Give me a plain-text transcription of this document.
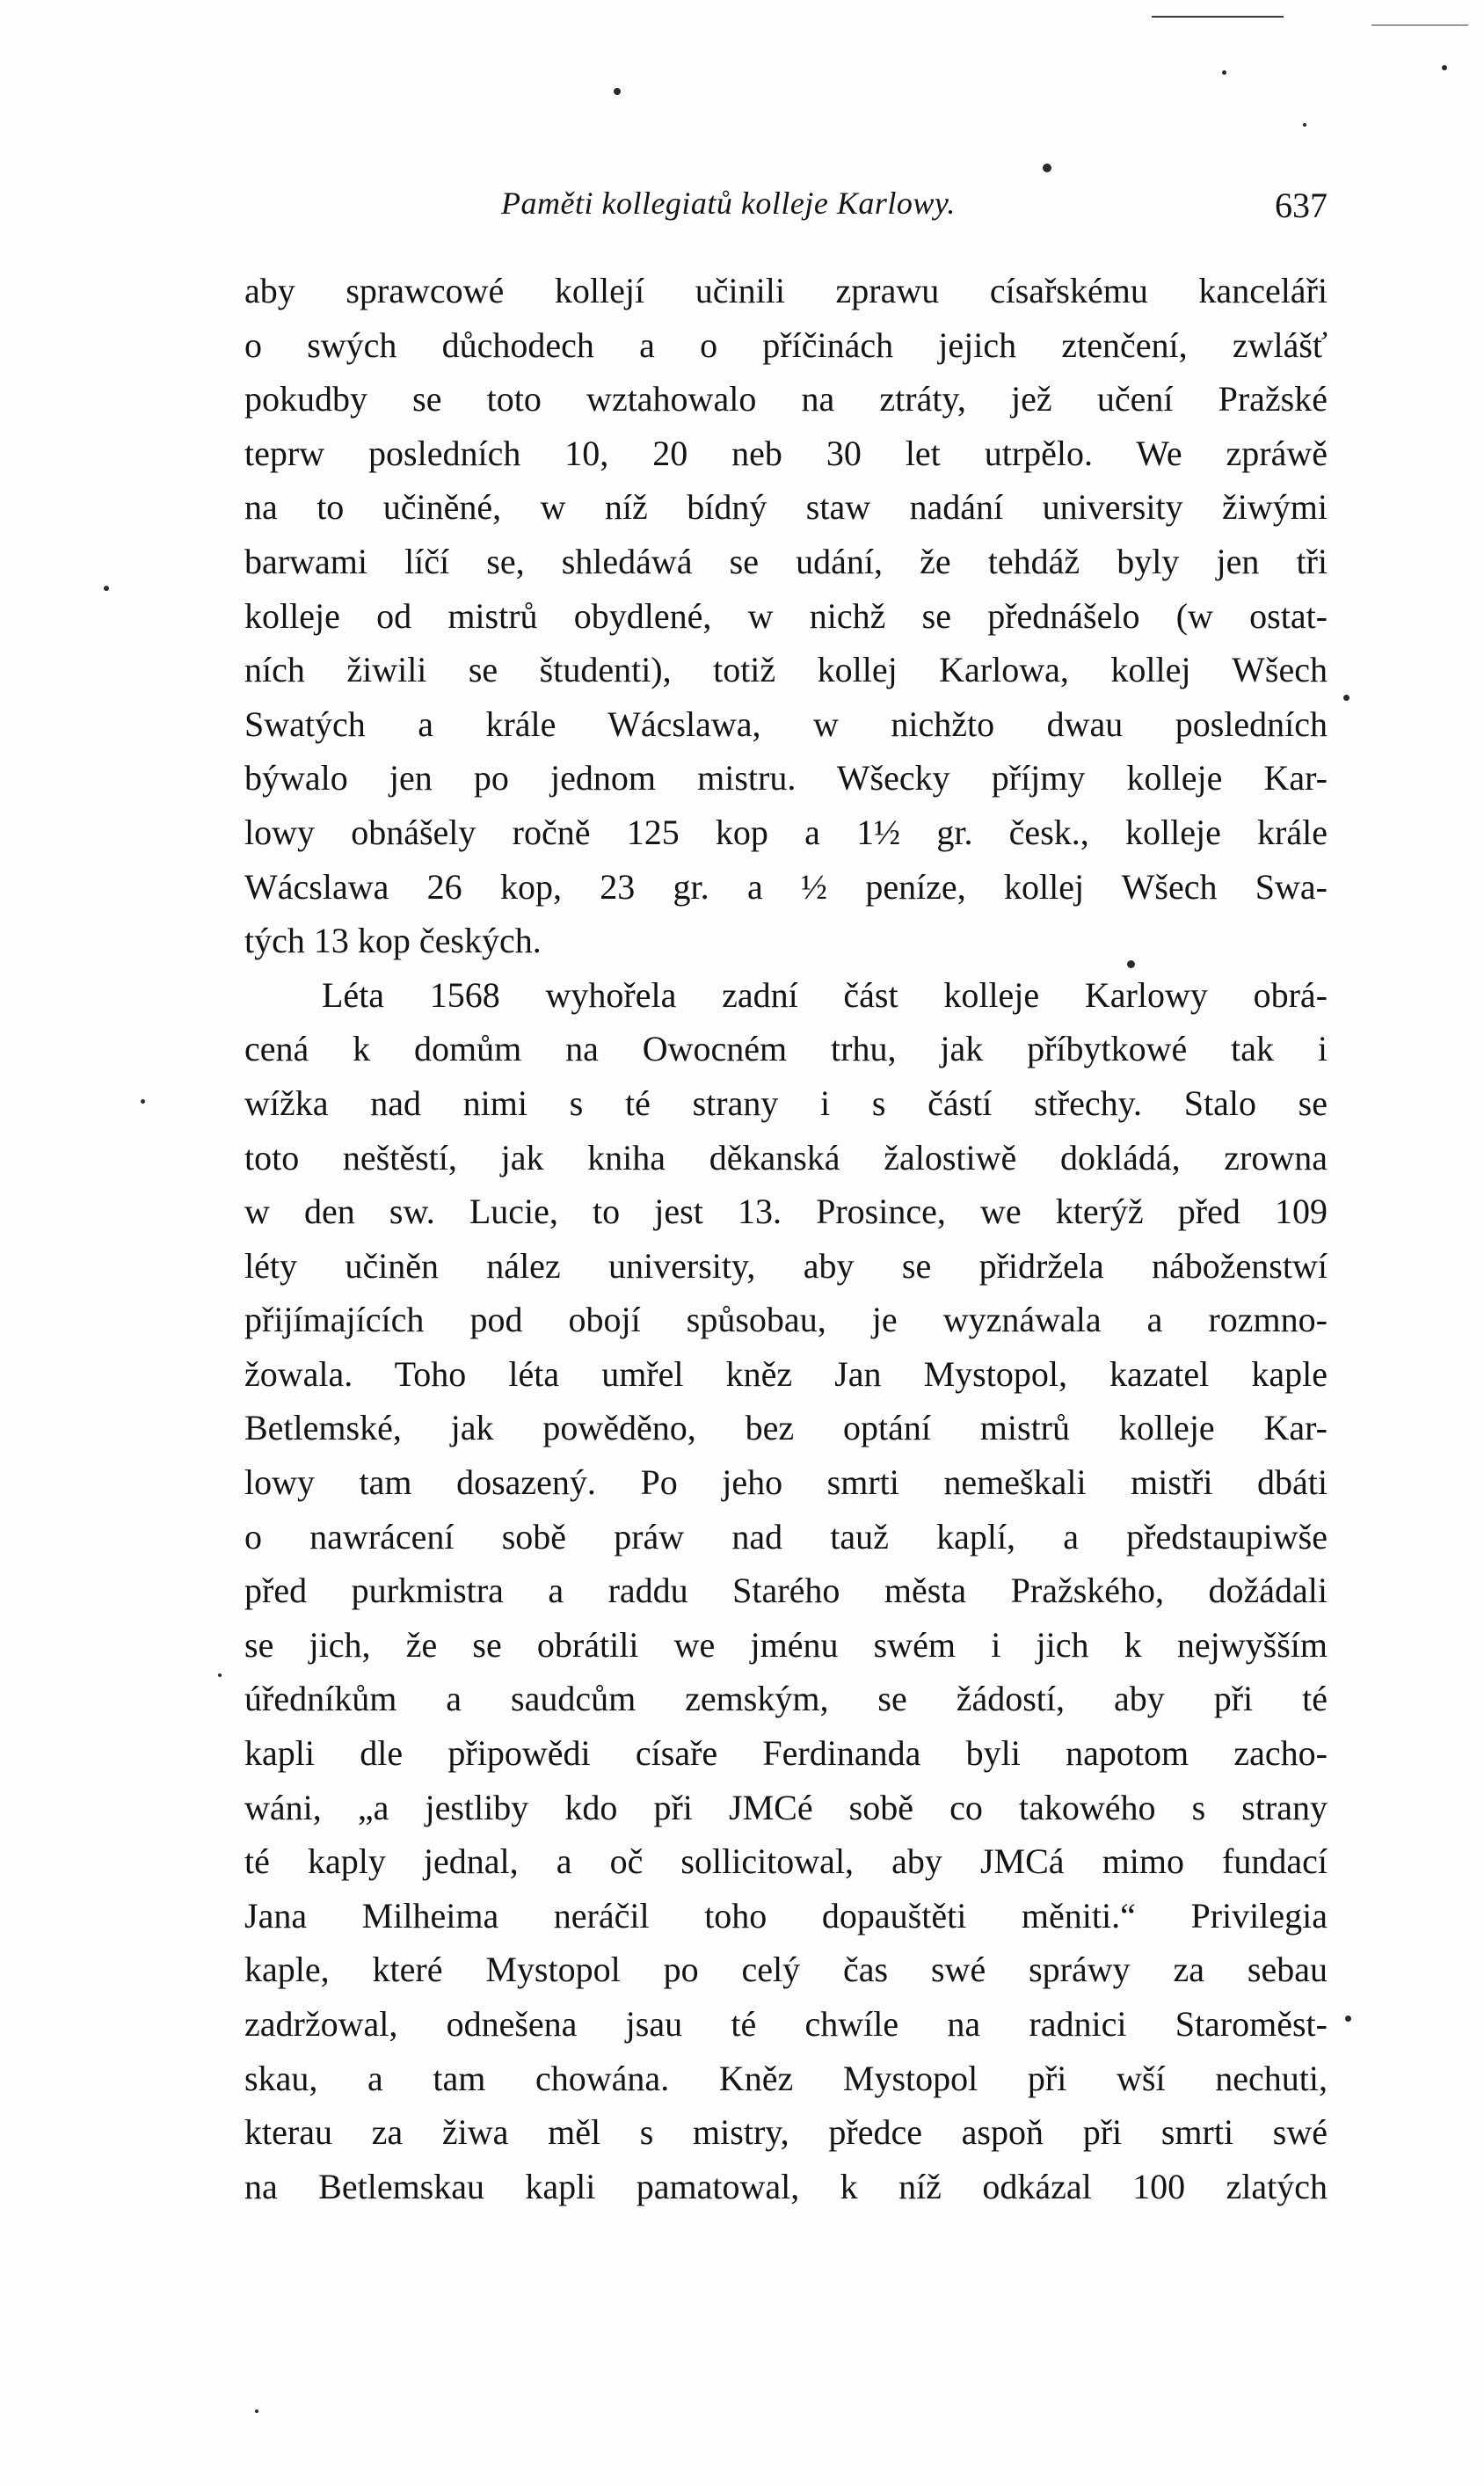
Paměti kollegiatů kolleje Karlowy.	637
aby sprawcowé kollejí učinili zprawu císařskému kanceláři
o swých důchodech a o příčinách jejich ztenčení, zwlášť
pokudby se toto wztahowalo na ztráty, jež učení Pražské
teprw posledních 10, 20 neb 30 let utrpělo. We zpráwě
na to učiněné, w níž bídný staw nadání university žiwými
barwami líčí se, shledáwá se udání, že tehdáž byly jen tři
kolleje od mistrů obydlené, w nichž se přednášelo (w ostat-
ních žiwili se študenti), totiž kollej Karlowa, kollej Wšech
Swatých a krále Wácslawa, w nichžto dwau posledních
býwalo jen po jednom mistru. Wšecky příjmy kolleje Kar-
lowy obnášely ročně 125 kop a 1½ gr. česk., kolleje krále
Wácslawa 26 kop, 23 gr. a ½ peníze, kollej Wšech Swa-
tých 13 kop českých.
Léta 1568 wyhořela zadní část kolleje Karlowy obrá-
cená k domům na Owocném trhu, jak příbytkowé tak i
wížka nad nimi s té strany i s částí střechy. Stalo se
toto neštěstí, jak kniha děkanská žalostiwě dokládá, zrowna
w den sw. Lucie, to jest 13. Prosince, we kterýž před 109
léty učiněn nález university, aby se přidržela náboženstwí
přijímajících pod obojí spůsobau, je wyznáwala a rozmno-
žowala. Toho léta umřel kněz Jan Mystopol, kazatel kaple
Betlemské, jak powěděno, bez optání mistrů kolleje Kar-
lowy tam dosazený. Po jeho smrti nemeškali mistři dbáti
o nawrácení sobě práw nad tauž kaplí, a předstaupiwše
před purkmistra a raddu Starého města Pražského, dožádali
se jich, že se obrátili we jménu swém i jich k nejwyšším
úředníkům a saudcům zemským, se žádostí, aby při té
kapli dle připowědi císaře Ferdinanda byli napotom zacho-
wáni, „a jestliby kdo při JMCé sobě co takowého s strany
té kaply jednal, a oč sollicitowal, aby JMCá mimo fundací
Jana Milheima neráčil toho dopauštěti měniti.“ Privilegia
kaple, které Mystopol po celý čas swé spráwy za sebau
zadržowal, odnešena jsau té chwíle na radnici Staroměst-
skau, a tam chowána. Kněz Mystopol při wší nechuti,
kterau za žiwa měl s mistry, předce aspoň při smrti swé
na Betlemskau kapli pamatowal, k níž odkázal 100 zlatých
